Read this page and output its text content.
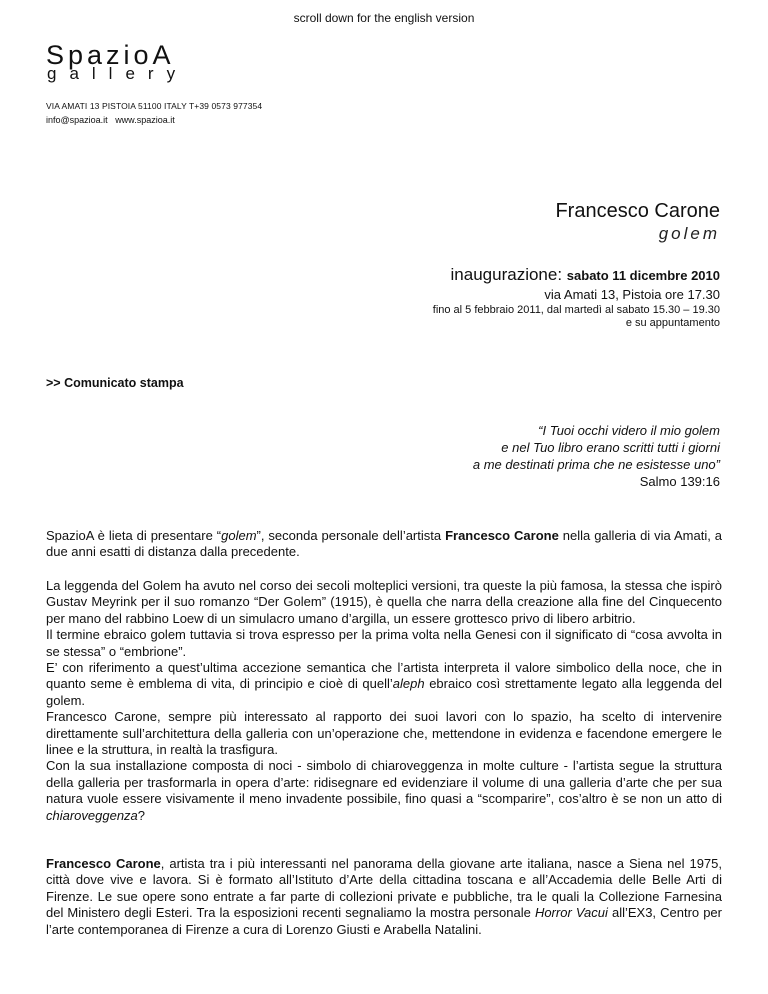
scroll down for the english version
SpazioA
gallery
VIA AMATI 13 PISTOIA 51100 ITALY T+39 0573 977354
info@spazioa.it www.spazioa.it
Francesco Carone
golem
inaugurazione: sabato 11 dicembre 2010
via Amati 13, Pistoia ore 17.30
fino al 5 febbraio 2011, dal martedì al sabato 15.30 – 19.30
e su appuntamento
>> Comunicato stampa
“I Tuoi occhi videro il mio golem
e nel Tuo libro erano scritti tutti i giorni
a me destinati prima che ne esistesse uno”
Salmo 139:16

SpazioA è lieta di presentare “golem”, seconda personale dell’artista Francesco Carone nella galleria di via Amati, a due anni esatti di distanza dalla precedente.

La leggenda del Golem ha avuto nel corso dei secoli molteplici versioni, tra queste la più famosa, la stessa che ispirò Gustav Meyrink per il suo romanzo “Der Golem” (1915), è quella che narra della creazione alla fine del Cinquecento per mano del rabbino Loew di un simulacro umano d’argilla, un essere grottesco privo di libero arbitrio.

Il termine ebraico golem tuttavia si trova espresso per la prima volta nella Genesi con il significato di “cosa avvolta in se stessa” o “embrione”.

E’ con riferimento a quest’ultima accezione semantica che l’artista interpreta il valore simbolico della noce, che in quanto seme è emblema di vita, di principio e cioè di quell’aleph ebraico così strettamente legato alla leggenda del golem.

Francesco Carone, sempre più interessato al rapporto dei suoi lavori con lo spazio, ha scelto di intervenire direttamente sull’architettura della galleria con un’operazione che, mettendone in evidenza e facendone emergere le linee e la struttura, in realtà la trasfigura.

Con la sua installazione composta di noci - simbolo di chiaroveggenza in molte culture - l’artista segue la struttura della galleria per trasformarla in opera d’arte: ridisegnare ed evidenziare il volume di una galleria d’arte che per sua natura vuole essere visivamente il meno invadente possibile, fino quasi a “scomparire”, cos’altro è se non un atto di chiaroveggenza?

Francesco Carone, artista tra i più interessanti nel panorama della giovane arte italiana, nasce a Siena nel 1975, città dove vive e lavora. Si è formato all’Istituto d’Arte della cittadina toscana e all’Accademia delle Belle Arti di Firenze. Le sue opere sono entrate a far parte di collezioni private e pubbliche, tra le quali la Collezione Farnesina del Ministero degli Esteri. Tra la esposizioni recenti segnaliamo la mostra personale Horror Vacui all’EX3, Centro per l’arte contemporanea di Firenze a cura di Lorenzo Giusti e Arabella Natalini.
